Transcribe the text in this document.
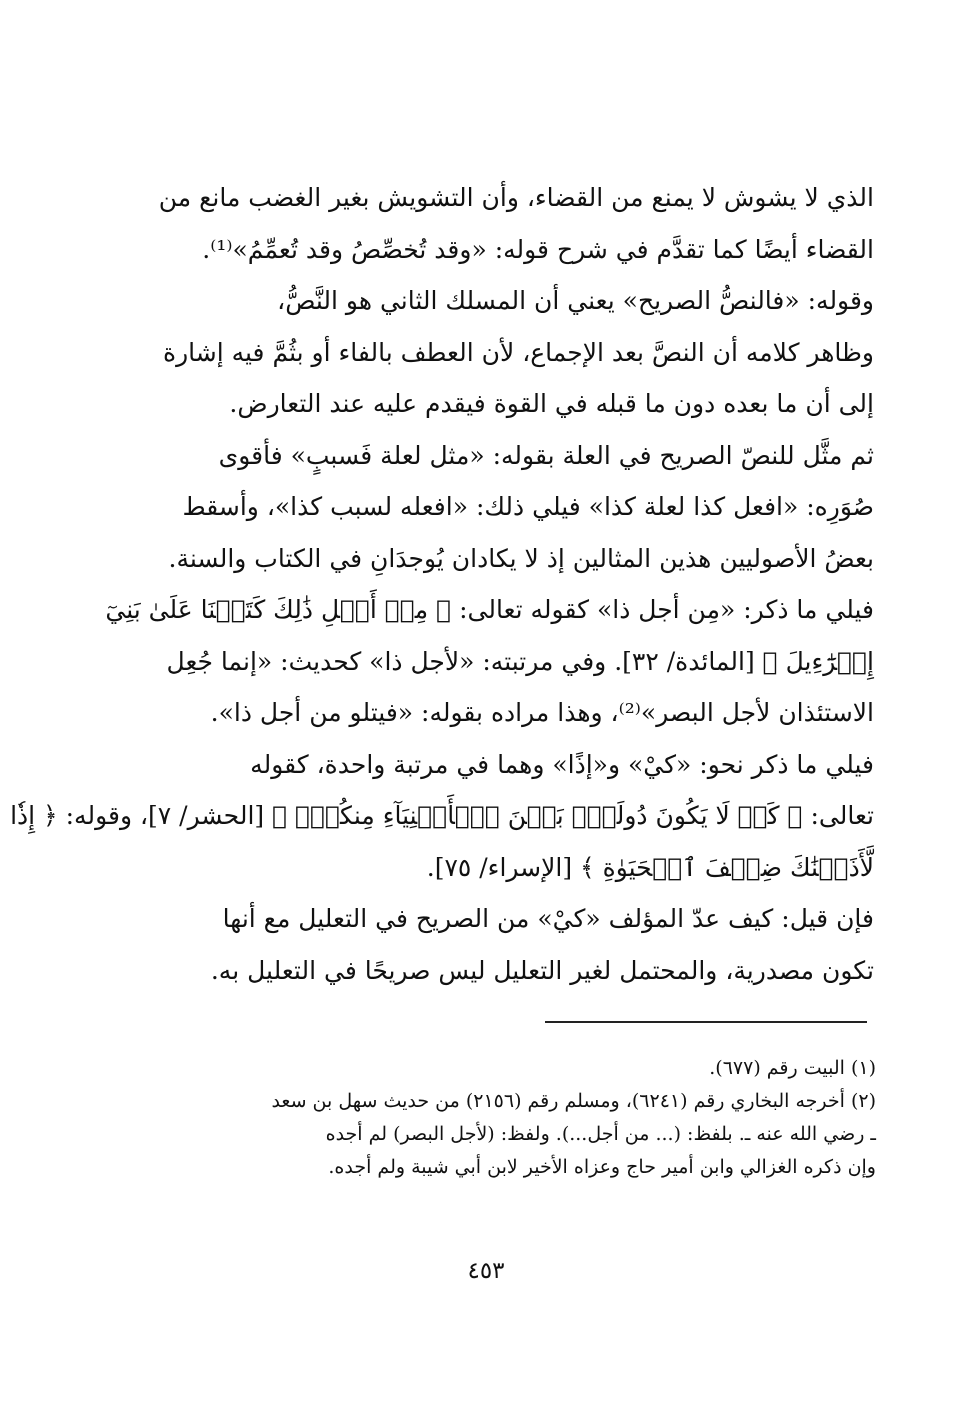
الذي لا يشوش لا يمنع من القضاء، وأن التشويش بغير الغضب مانع من
القضاء أيضًا كما تقدَّم في شرح قوله: «وقد تُخصِّصُ وقد تُعمِّمُ»⁽¹⁾.
وقوله: «فالنصُّ الصريح» يعني أن المسلك الثاني هو النَّصُّ،
وظاهر كلامه أن النصَّ بعد الإجماع، لأن العطف بالفاء أو بثُمَّ فيه إشارة
إلى أن ما بعده دون ما قبله في القوة فيقدم عليه عند التعارض.
ثم مثَّل للنصّ الصريح في العلة بقوله: «مثل لعلة فَسببٍ» فأقوى
صُوَرِه: «افعل كذا لعلة كذا» فيلي ذلك: «افعله لسبب كذا»، وأسقط
بعضُ الأصوليين هذين المثالين إذ لا يكادان يُوجدَانِ في الكتاب والسنة.
فيلي ما ذكر: «مِن أجل ذا» كقوله تعالى: ﴿ مِنۡ أَجۡلِ ذَٰلِكَ كَتَبۡنَا عَلَىٰ بَنِيٓ
إِسۡرَٰٓءِيلَ ﴾ [المائدة/ ٣٢]. وفي مرتبته: «لأجل ذا» كحديث: «إنما جُعِل
الاستئذان لأجل البصر»⁽²⁾، وهذا مراده بقوله: «فيتلو من أجل ذا».
فيلي ما ذكر نحو: «كيْ» و«إذًا» وهما في مرتبة واحدة، كقوله
تعالى: ﴿ كَيۡ لَا يَكُونَ دُولَةَۢ بَيۡنَ ٱلۡأَغۡنِيَآءِ مِنكُمۡۚ ﴾ [الحشر/ ٧]، وقوله: ﴿ إِذٗا
لَّأَذَقۡنَٰكَ ضِعۡفَ ٱلۡحَيَوٰةِ ﴾ [الإسراء/ ٧٥].
فإن قيل: كيف عدّ المؤلف «كيْ» من الصريح في التعليل مع أنها
تكون مصدرية، والمحتمل لغير التعليل ليس صريحًا في التعليل به.
(١) البيت رقم (٦٧٧).
(٢) أخرجه البخاري رقم (٦٢٤١)، ومسلم رقم (٢١٥٦) من حديث سهل بن سعد
ـ رضي الله عنه ـ. بلفظ: (... من أجل...). ولفظ: (لأجل البصر) لم أجده
وإن ذكره الغزالي وابن أمير حاج وعزاه الأخير لابن أبي شيبة ولم أجده.
٤٥٣
